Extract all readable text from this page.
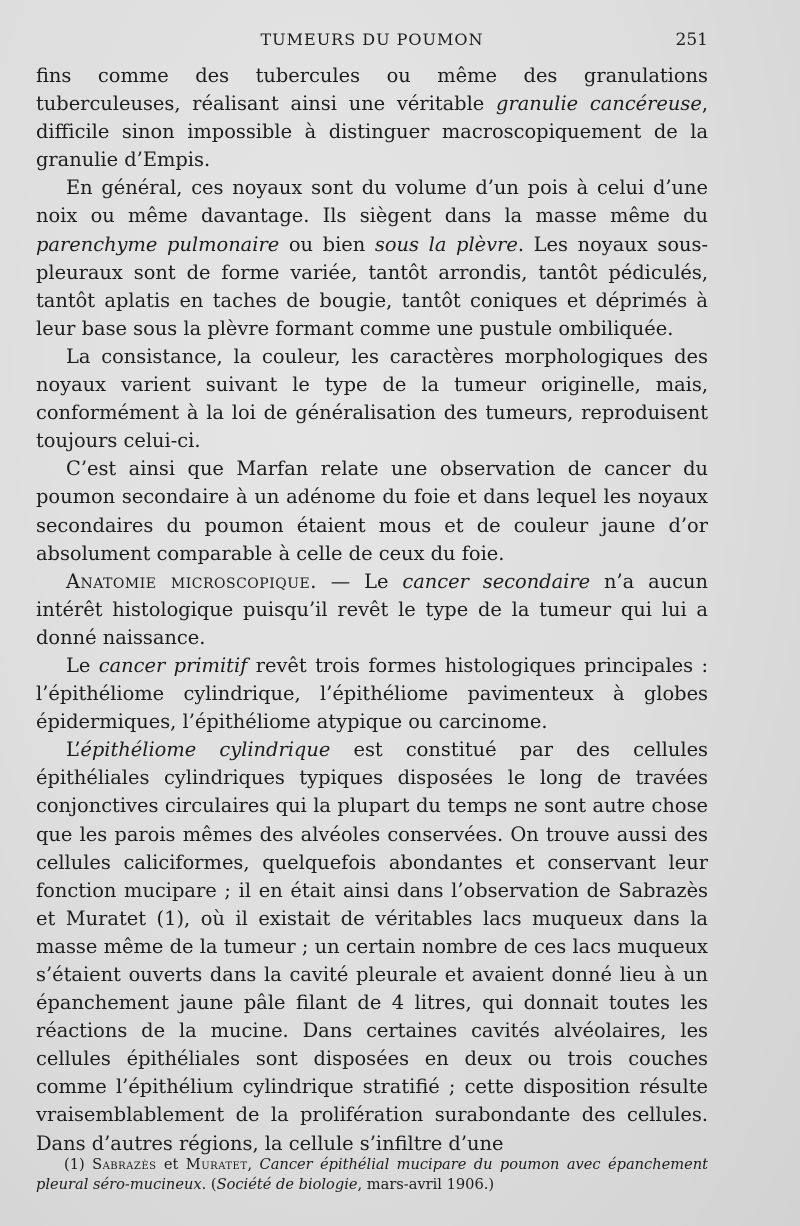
TUMEURS DU POUMON	251

fins comme des tubercules ou même des granulations tuberculeuses, réalisant ainsi une véritable granulie cancéreuse, difficile sinon impossible à distinguer macroscopiquement de la granulie d’Empis.

En général, ces noyaux sont du volume d’un pois à celui d’une noix ou même davantage. Ils siègent dans la masse même du parenchyme pulmonaire ou bien sous la plèvre. Les noyaux sous-pleuraux sont de forme variée, tantôt arrondis, tantôt pédiculés, tantôt aplatis en taches de bougie, tantôt coniques et déprimés à leur base sous la plèvre formant comme une pustule ombiliquée.

La consistance, la couleur, les caractères morphologiques des noyaux varient suivant le type de la tumeur originelle, mais, conformément à la loi de généralisation des tumeurs, reproduisent toujours celui-ci.

C’est ainsi que Marfan relate une observation de cancer du poumon secondaire à un adénome du foie et dans lequel les noyaux secondaires du poumon étaient mous et de couleur jaune d’or absolument comparable à celle de ceux du foie.

Anatomie microscopique. — Le cancer secondaire n’a aucun intérêt histologique puisqu’il revêt le type de la tumeur qui lui a donné naissance.

Le cancer primitif revêt trois formes histologiques principales : l’épithéliome cylindrique, l’épithéliome pavimenteux à globes épidermiques, l’épithéliome atypique ou carcinome.

L’épithéliome cylindrique est constitué par des cellules épithéliales cylindriques typiques disposées le long de travées conjonctives circulaires qui la plupart du temps ne sont autre chose que les parois mêmes des alvéoles conservées. On trouve aussi des cellules caliciformes, quelquefois abondantes et conservant leur fonction mucipare ; il en était ainsi dans l’observation de Sabrazès et Muratet (1), où il existait de véritables lacs muqueux dans la masse même de la tumeur ; un certain nombre de ces lacs muqueux s’étaient ouverts dans la cavité pleurale et avaient donné lieu à un épanchement jaune pâle filant de 4 litres, qui donnait toutes les réactions de la mucine. Dans certaines cavités alvéolaires, les cellules épithéliales sont disposées en deux ou trois couches comme l’épithélium cylindrique stratifié ; cette disposition résulte vraisemblablement de la prolifération surabondante des cellules. Dans d’autres régions, la cellule s’infiltre d’une

(1) Sabrazès et Muratet, Cancer épithélial mucipare du poumon avec épanchement pleural séro-mucineux. (Société de biologie, mars-avril 1906.)
